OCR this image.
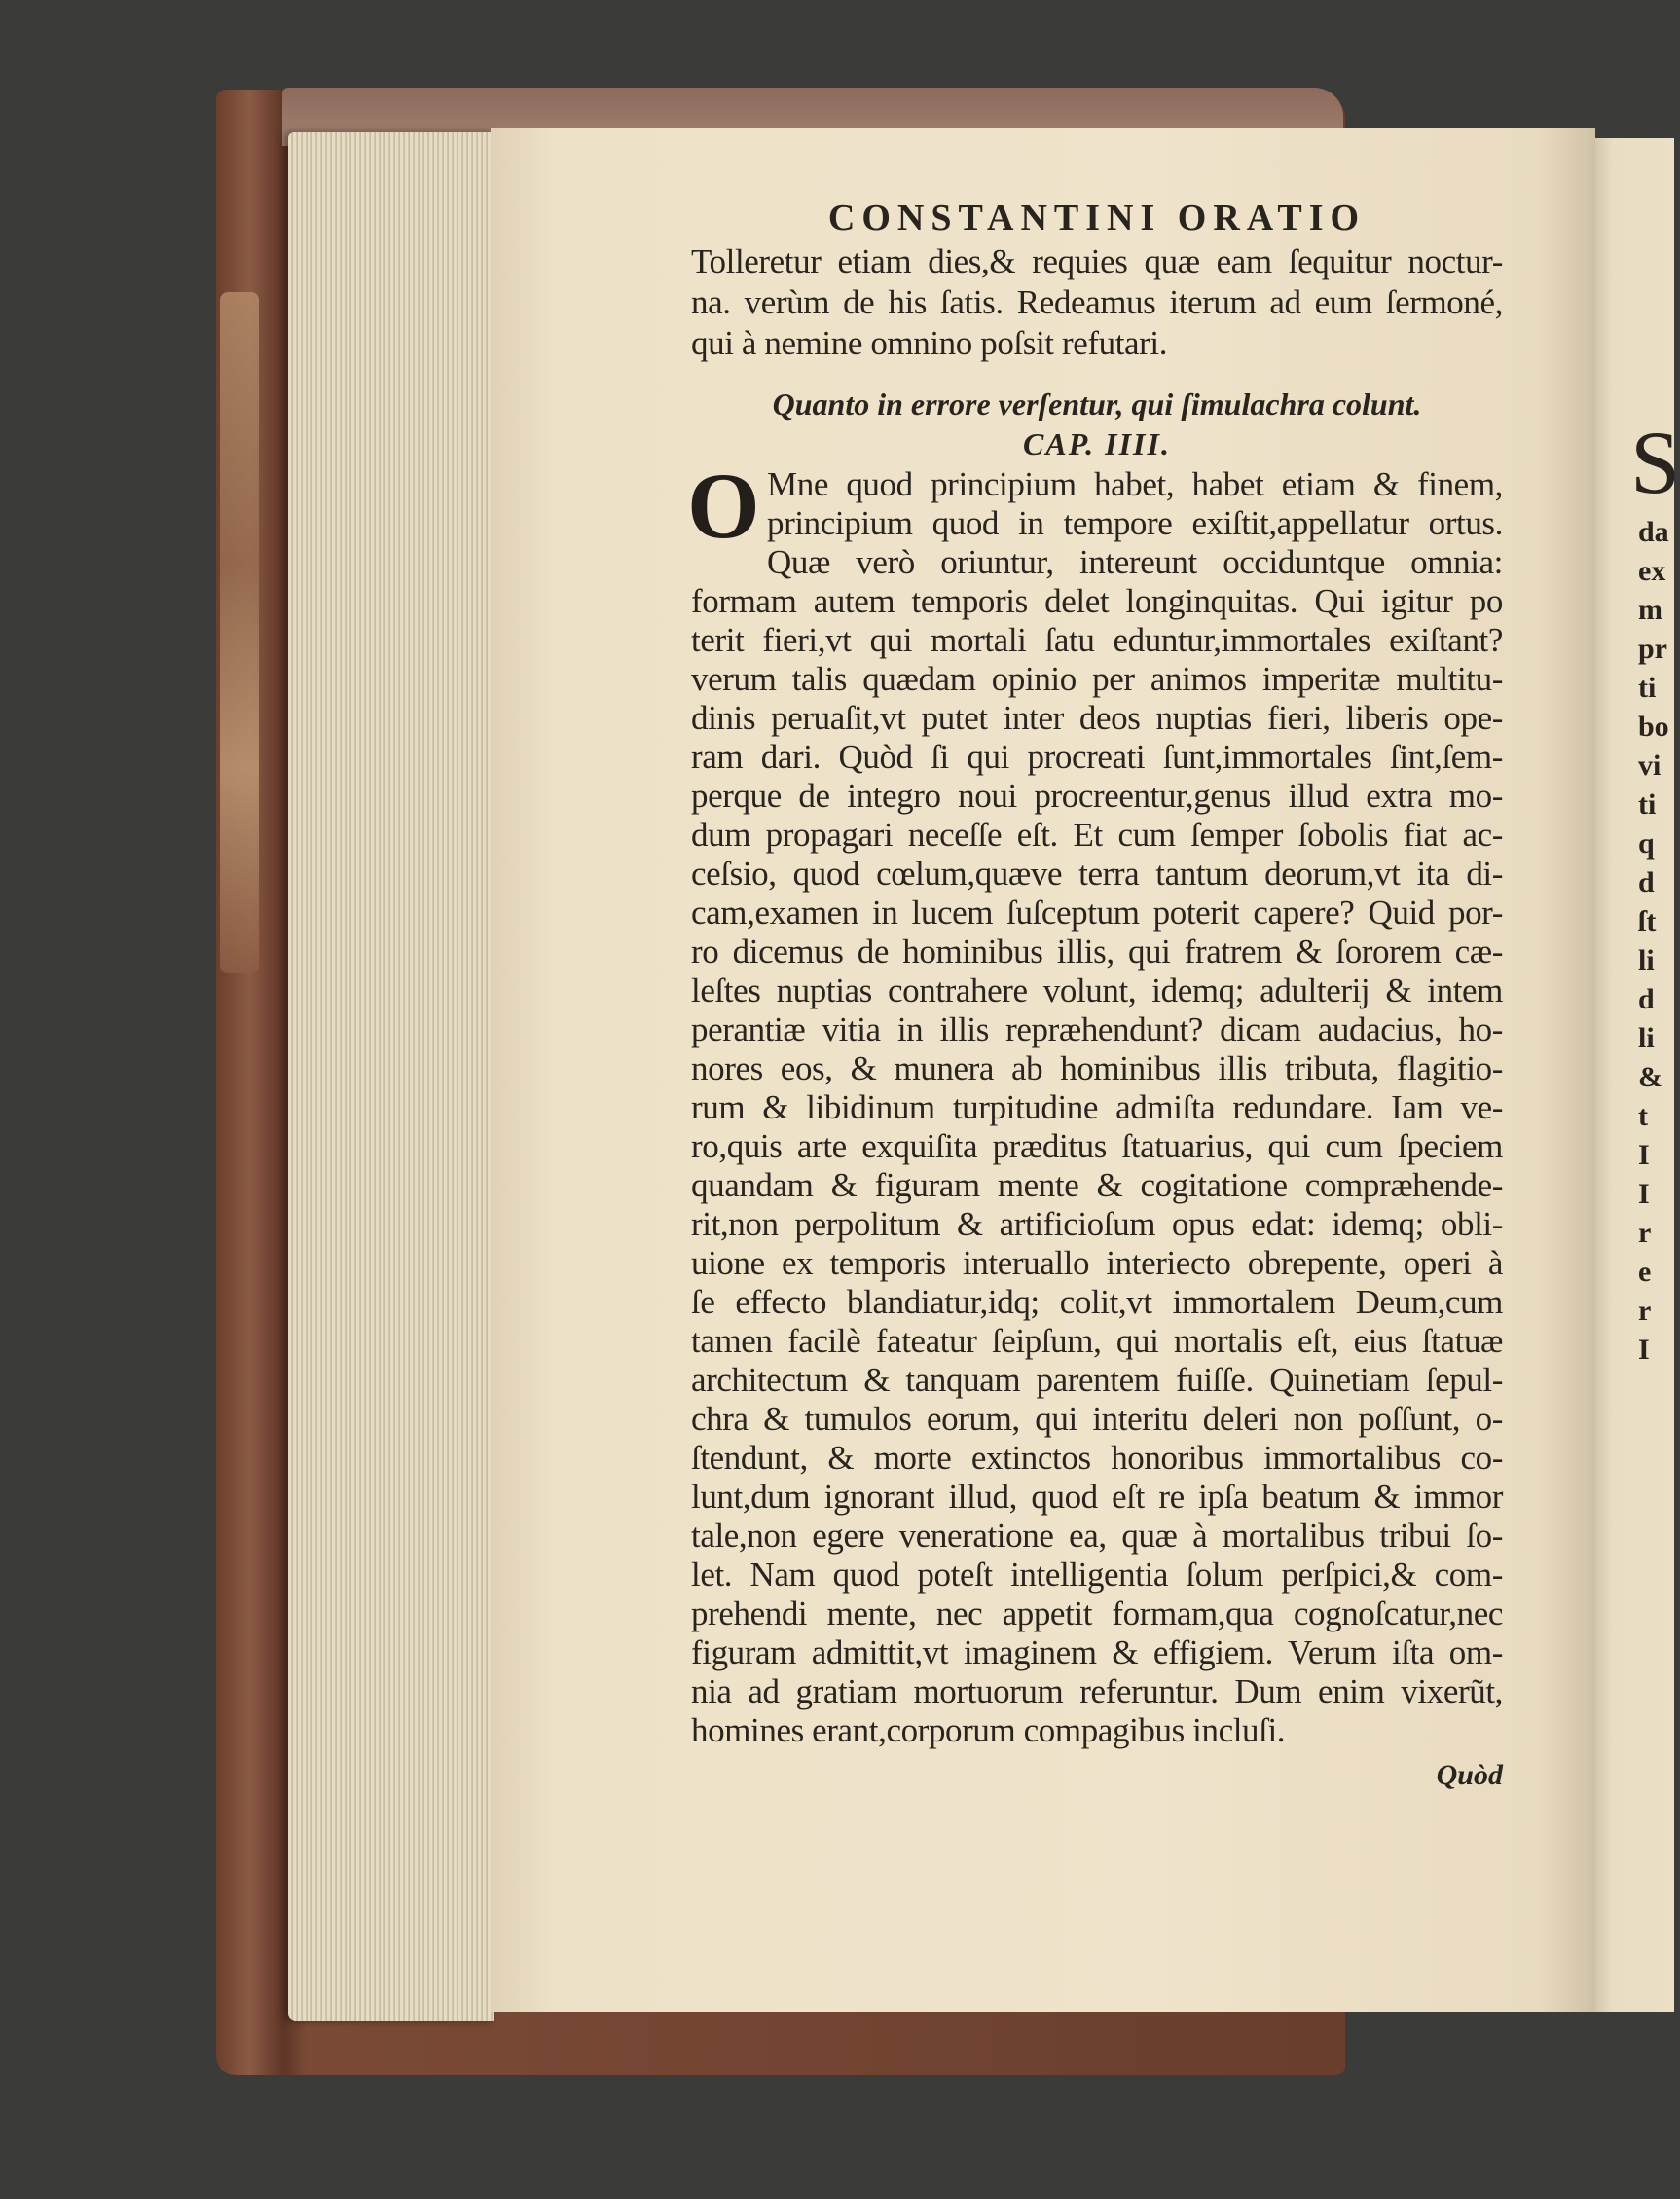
S
da
ex
m
pr
ti
bo
vi
ti
q
d
ſt
li
d
li
&
t
I
I
r
e
r
I
CONSTANTINI ORATIO
Tolleretur etiam dies,& requies quæ eam ſequitur noctur-
na. verùm de his ſatis. Redeamus iterum ad eum ſermoné,
qui à nemine omnino poſsit refutari.
Quanto in errore verſentur, qui ſimulachra colunt.
CAP. IIII.
O Mne quod principium habet, habet etiam & finem,
principium quod in tempore exiſtit,appellatur ortus.
Quæ verò oriuntur, intereunt occiduntque omnia:
formam autem temporis delet longinquitas. Qui igitur po
terit fieri,vt qui mortali ſatu eduntur,immortales exiſtant?
verum talis quædam opinio per animos imperitæ multitu-
dinis peruaſit,vt putet inter deos nuptias fieri, liberis ope-
ram dari. Quòd ſi qui procreati ſunt,immortales ſint,ſem-
perque de integro noui procreentur,genus illud extra mo-
dum propagari neceſſe eſt. Et cum ſemper ſobolis fiat ac-
ceſsio, quod cœlum,quæve terra tantum deorum,vt ita di-
cam,examen in lucem ſuſceptum poterit capere? Quid por-
ro dicemus de hominibus illis, qui fratrem & ſororem cæ-
leſtes nuptias contrahere volunt, idemq; adulterij & intem
perantiæ vitia in illis repræhendunt? dicam audacius, ho-
nores eos, & munera ab hominibus illis tributa, flagitio-
rum & libidinum turpitudine admiſta redundare. Iam ve-
ro,quis arte exquiſita præditus ſtatuarius, qui cum ſpeciem
quandam & figuram mente & cogitatione compræhende-
rit,non perpolitum & artificioſum opus edat: idemq; obli-
uione ex temporis interuallo interiecto obrepente, operi à
ſe effecto blandiatur,idq; colit,vt immortalem Deum,cum
tamen facilè fateatur ſeipſum, qui mortalis eſt, eius ſtatuæ
architectum & tanquam parentem fuiſſe. Quinetiam ſepul-
chra & tumulos eorum, qui interitu deleri non poſſunt, o-
ſtendunt, & morte extinctos honoribus immortalibus co-
lunt,dum ignorant illud, quod eſt re ipſa beatum & immor
tale,non egere veneratione ea, quæ à mortalibus tribui ſo-
let. Nam quod poteſt intelligentia ſolum perſpici,& com-
prehendi mente, nec appetit formam,qua cognoſcatur,nec
figuram admittit,vt imaginem & effigiem. Verum iſta om-
nia ad gratiam mortuorum referuntur. Dum enim vixerũt,
homines erant,corporum compagibus incluſi.
Quòd
